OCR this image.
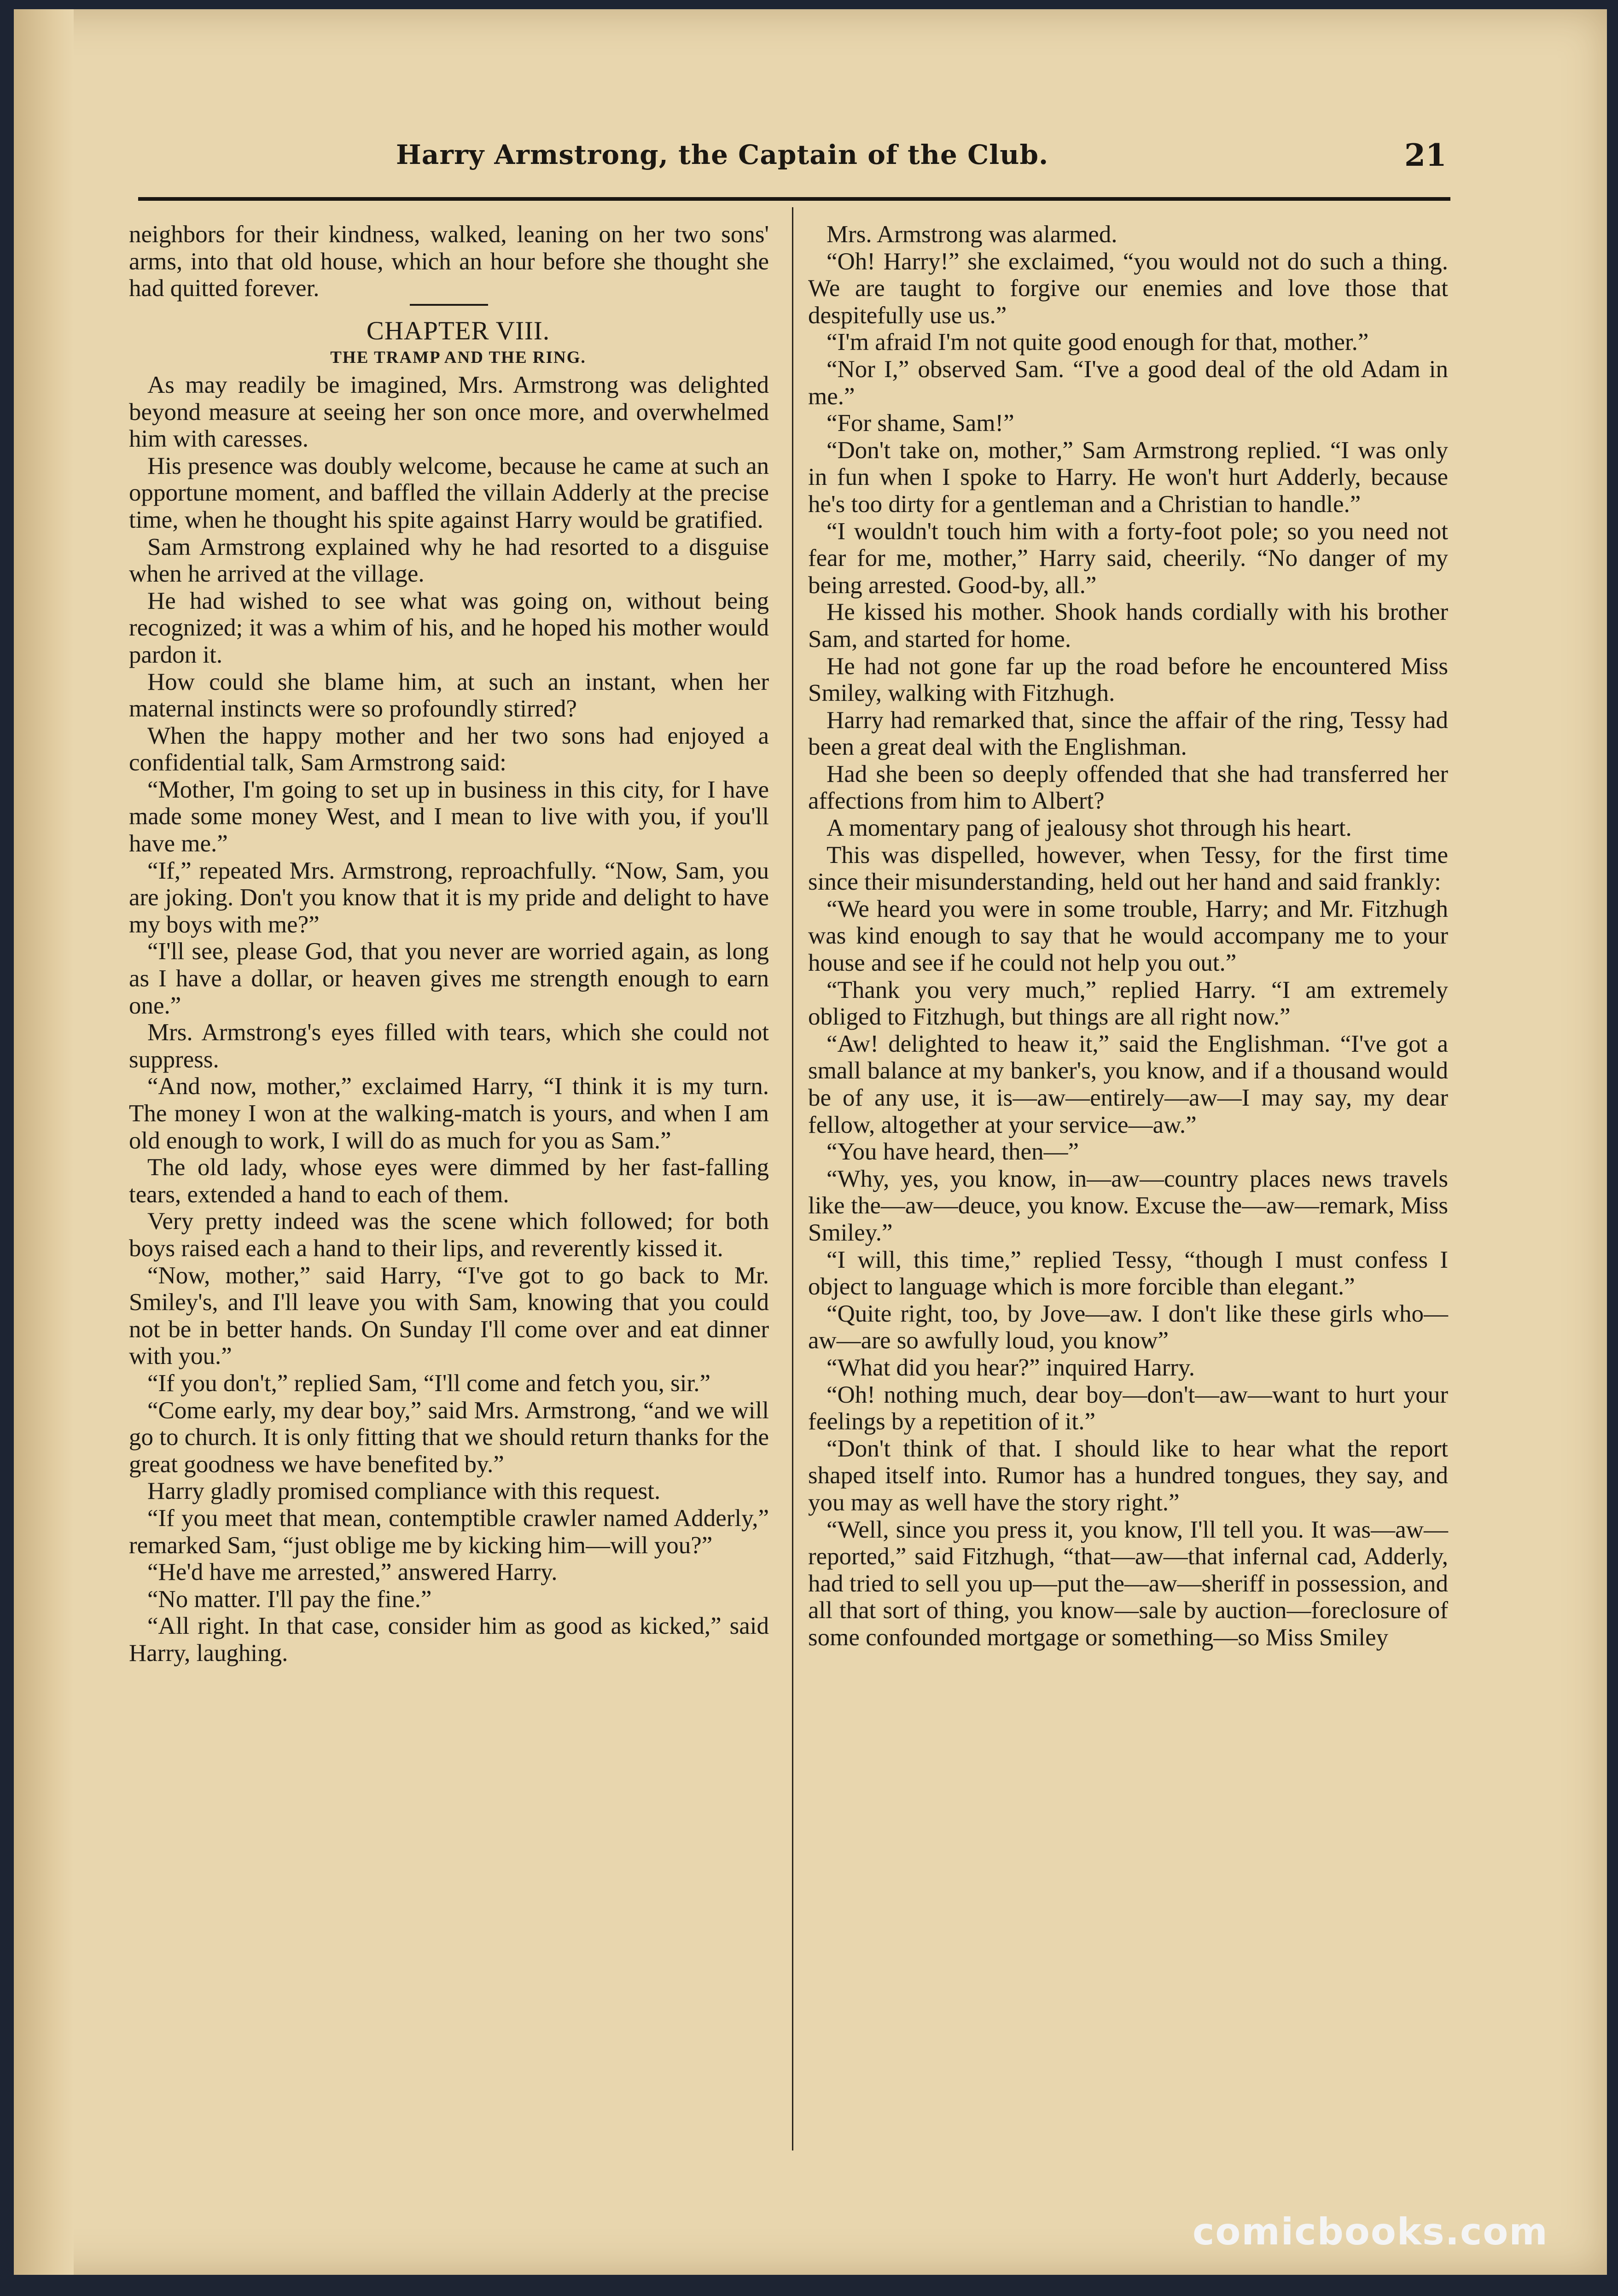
Harry Armstrong, the Captain of the Club.	21

neighbors for their kindness, walked, leaning on her two sons' arms, into that old house, which an hour before she thought she had quitted forever.

CHAPTER VIII.

THE TRAMP AND THE RING.

As may readily be imagined, Mrs. Armstrong was delighted beyond measure at seeing her son once more, and overwhelmed him with caresses.

His presence was doubly welcome, because he came at such an opportune moment, and baffled the villain Adderly at the precise time, when he thought his spite against Harry would be gratified.

Sam Armstrong explained why he had resorted to a disguise when he arrived at the village.

He had wished to see what was going on, without being recognized; it was a whim of his, and he hoped his mother would pardon it.

How could she blame him, at such an instant, when her maternal instincts were so profoundly stirred?

When the happy mother and her two sons had enjoyed a confidential talk, Sam Armstrong said:

“Mother, I'm going to set up in business in this city, for I have made some money West, and I mean to live with you, if you'll have me.”

“If,” repeated Mrs. Armstrong, reproachfully. “Now, Sam, you are joking. Don't you know that it is my pride and delight to have my boys with me?”

“I'll see, please God, that you never are worried again, as long as I have a dollar, or heaven gives me strength enough to earn one.”

Mrs. Armstrong's eyes filled with tears, which she could not suppress.

“And now, mother,” exclaimed Harry, “I think it is my turn. The money I won at the walking-match is yours, and when I am old enough to work, I will do as much for you as Sam.”

The old lady, whose eyes were dimmed by her fast-falling tears, extended a hand to each of them.

Very pretty indeed was the scene which followed; for both boys raised each a hand to their lips, and reverently kissed it.

“Now, mother,” said Harry, “I've got to go back to Mr. Smiley's, and I'll leave you with Sam, knowing that you could not be in better hands. On Sunday I'll come over and eat dinner with you.”

“If you don't,” replied Sam, “I'll come and fetch you, sir.”

“Come early, my dear boy,” said Mrs. Armstrong, “and we will go to church. It is only fitting that we should return thanks for the great goodness we have benefited by.”

Harry gladly promised compliance with this request.

“If you meet that mean, contemptible crawler named Adderly,” remarked Sam, “just oblige me by kicking him—will you?”

“He'd have me arrested,” answered Harry.

“No matter. I'll pay the fine.”

“All right. In that case, consider him as good as kicked,” said Harry, laughing.

Mrs. Armstrong was alarmed.

“Oh! Harry!” she exclaimed, “you would not do such a thing. We are taught to forgive our enemies and love those that despitefully use us.”

“I'm afraid I'm not quite good enough for that, mother.”

“Nor I,” observed Sam. “I've a good deal of the old Adam in me.”

“For shame, Sam!”

“Don't take on, mother,” Sam Armstrong replied. “I was only in fun when I spoke to Harry. He won't hurt Adderly, because he's too dirty for a gentleman and a Christian to handle.”

“I wouldn't touch him with a forty-foot pole; so you need not fear for me, mother,” Harry said, cheerily. “No danger of my being arrested. Good-by, all.”

He kissed his mother. Shook hands cordially with his brother Sam, and started for home.

He had not gone far up the road before he encountered Miss Smiley, walking with Fitzhugh.

Harry had remarked that, since the affair of the ring, Tessy had been a great deal with the Englishman.

Had she been so deeply offended that she had transferred her affections from him to Albert?

A momentary pang of jealousy shot through his heart.

This was dispelled, however, when Tessy, for the first time since their misunderstanding, held out her hand and said frankly:

“We heard you were in some trouble, Harry; and Mr. Fitzhugh was kind enough to say that he would accompany me to your house and see if he could not help you out.”

“Thank you very much,” replied Harry. “I am extremely obliged to Fitzhugh, but things are all right now.”

“Aw! delighted to heaw it,” said the Englishman. “I've got a small balance at my banker's, you know, and if a thousand would be of any use, it is—aw—entirely—aw—I may say, my dear fellow, altogether at your service—aw.”

“You have heard, then—”

“Why, yes, you know, in—aw—country places news travels like the—aw—deuce, you know. Excuse the—aw—remark, Miss Smiley.”

“I will, this time,” replied Tessy, “though I must confess I object to language which is more forcible than elegant.”

“Quite right, too, by Jove—aw. I don't like these girls who—aw—are so awfully loud, you know”

“What did you hear?” inquired Harry.

“Oh! nothing much, dear boy—don't—aw—want to hurt your feelings by a repetition of it.”

“Don't think of that. I should like to hear what the report shaped itself into. Rumor has a hundred tongues, they say, and you may as well have the story right.”

“Well, since you press it, you know, I'll tell you. It was—aw—reported,” said Fitzhugh, “that—aw—that infernal cad, Adderly, had tried to sell you up—put the—aw—sheriff in possession, and all that sort of thing, you know—sale by auction—foreclosure of some confounded mortgage or something—so Miss Smiley

comicbooks.com
